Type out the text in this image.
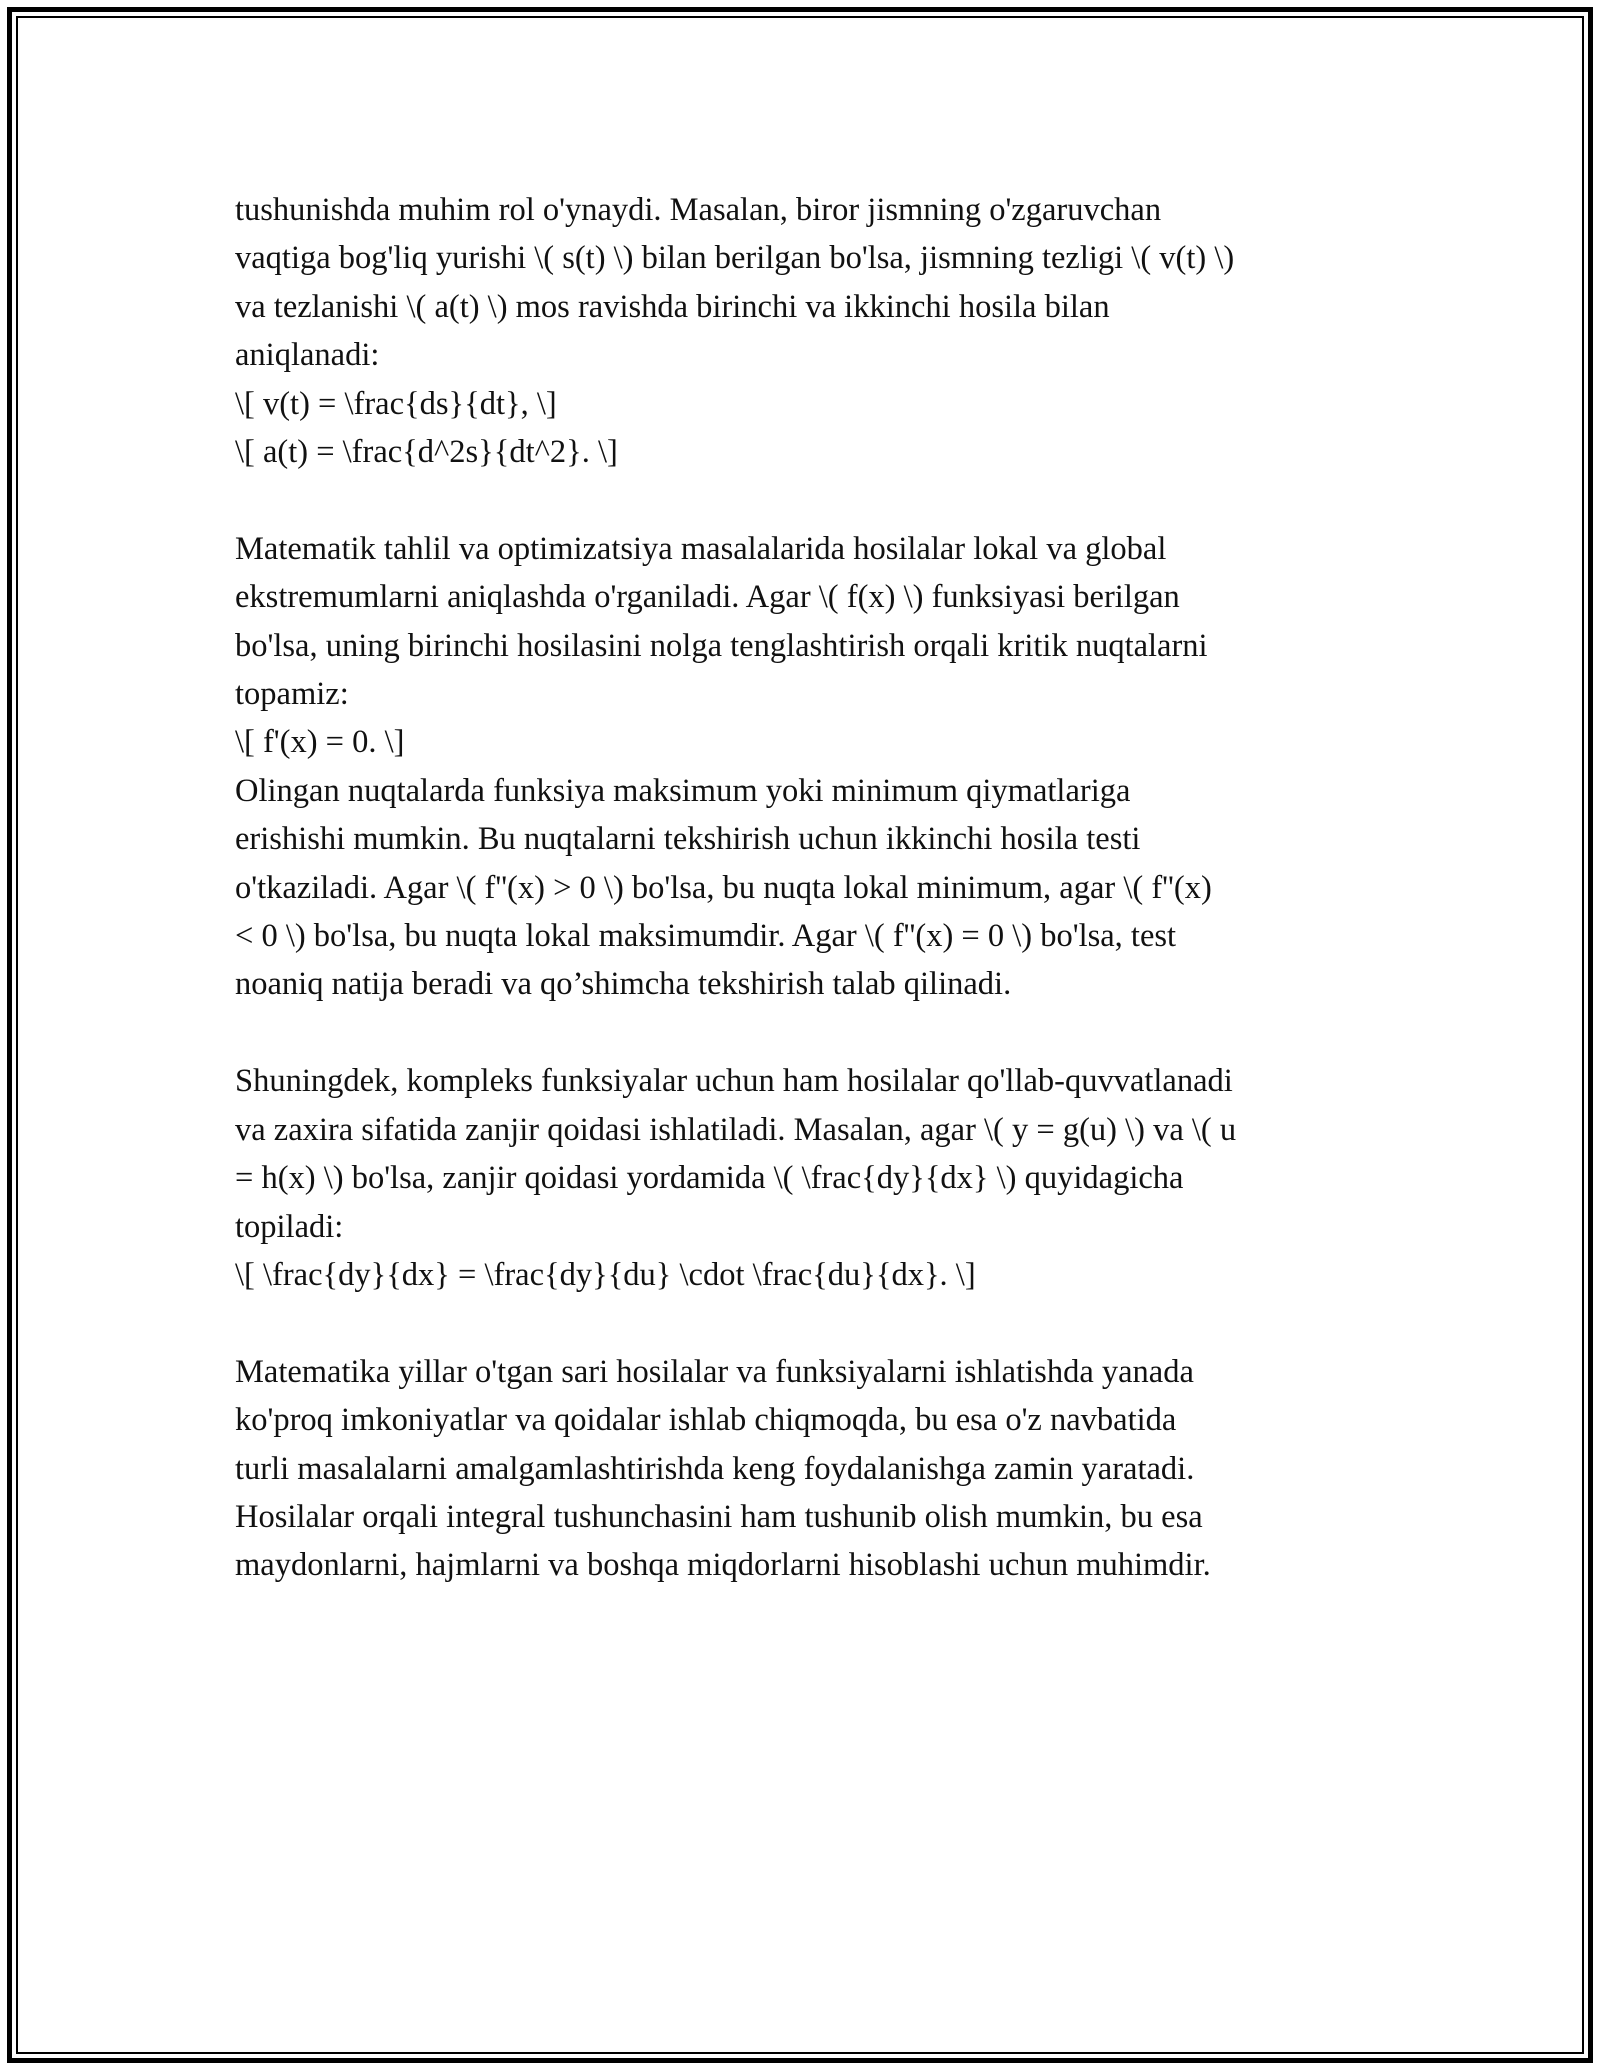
tushunishda muhim rol o'ynaydi. Masalan, biror jismning o'zgaruvchan
vaqtiga bog'liq yurishi \( s(t) \) bilan berilgan bo'lsa, jismning tezligi \( v(t) \)
va tezlanishi \( a(t) \) mos ravishda birinchi va ikkinchi hosila bilan
aniqlanadi:
\[ v(t) = \frac{ds}{dt}, \]
\[ a(t) = \frac{d^2s}{dt^2}. \]

Matematik tahlil va optimizatsiya masalalarida hosilalar lokal va global
ekstremumlarni aniqlashda o'rganiladi. Agar \( f(x) \) funksiyasi berilgan
bo'lsa, uning birinchi hosilasini nolga tenglashtirish orqali kritik nuqtalarni
topamiz:
\[ f'(x) = 0. \]
Olingan nuqtalarda funksiya maksimum yoki minimum qiymatlariga
erishishi mumkin. Bu nuqtalarni tekshirish uchun ikkinchi hosila testi
o'tkaziladi. Agar \( f''(x) > 0 \) bo'lsa, bu nuqta lokal minimum, agar \( f''(x)
< 0 \) bo'lsa, bu nuqta lokal maksimumdir. Agar \( f''(x) = 0 \) bo'lsa, test
noaniq natija beradi va qo’shimcha tekshirish talab qilinadi.

Shuningdek, kompleks funksiyalar uchun ham hosilalar qo'llab-quvvatlanadi
va zaxira sifatida zanjir qoidasi ishlatiladi. Masalan, agar \( y = g(u) \) va \( u
= h(x) \) bo'lsa, zanjir qoidasi yordamida \( \frac{dy}{dx} \) quyidagicha
topiladi:
\[ \frac{dy}{dx} = \frac{dy}{du} \cdot \frac{du}{dx}. \]

Matematika yillar o'tgan sari hosilalar va funksiyalarni ishlatishda yanada
ko'proq imkoniyatlar va qoidalar ishlab chiqmoqda, bu esa o'z navbatida
turli masalalarni amalgamlashtirishda keng foydalanishga zamin yaratadi.
Hosilalar orqali integral tushunchasini ham tushunib olish mumkin, bu esa
maydonlarni, hajmlarni va boshqa miqdorlarni hisoblashi uchun muhimdir.
